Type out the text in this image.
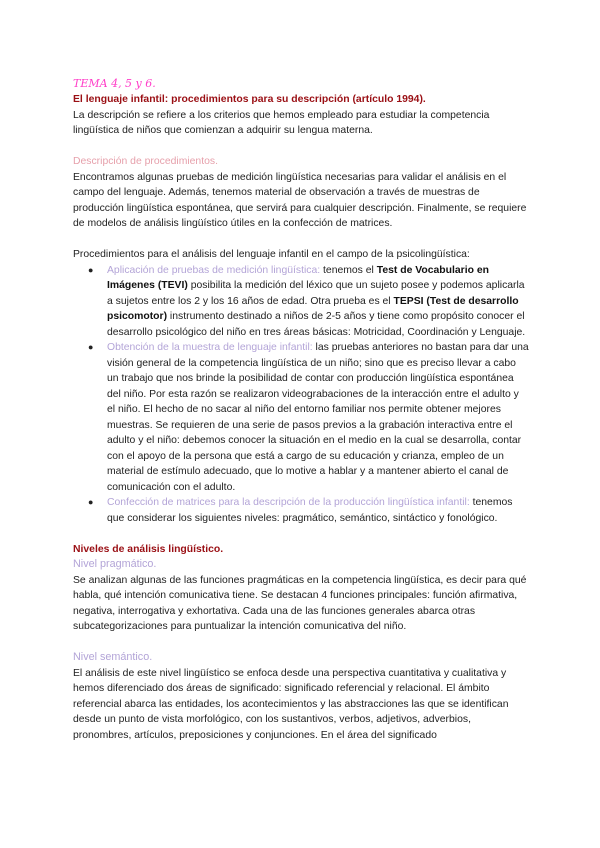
TEMA 4, 5 y 6.

El lenguaje infantil: procedimientos para su descripción (artículo 1994).

La descripción se refiere a los criterios que hemos empleado para estudiar la competencia lingüística de niños que comienzan a adquirir su lengua materna.

Descripción de procedimientos.

Encontramos algunas pruebas de medición lingüística necesarias para validar el análisis en el campo del lenguaje. Además, tenemos material de observación a través de muestras de producción lingüística espontánea, que servirá para cualquier descripción. Finalmente, se requiere de modelos de análisis lingüístico útiles en la confección de matrices.

Procedimientos para el análisis del lenguaje infantil en el campo de la psicolingüística:

● Aplicación de pruebas de medición lingüística: tenemos el Test de Vocabulario en Imágenes (TEVI) posibilita la medición del léxico que un sujeto posee y podemos aplicarla a sujetos entre los 2 y los 16 años de edad. Otra prueba es el TEPSI (Test de desarrollo psicomotor) instrumento destinado a niños de 2-5 años y tiene como propósito conocer el desarrollo psicológico del niño en tres áreas básicas: Motricidad, Coordinación y Lenguaje.
● Obtención de la muestra de lenguaje infantil: las pruebas anteriores no bastan para dar una visión general de la competencia lingüística de un niño; sino que es preciso llevar a cabo un trabajo que nos brinde la posibilidad de contar con producción lingüística espontánea del niño. Por esta razón se realizaron videograbaciones de la interacción entre el adulto y el niño. El hecho de no sacar al niño del entorno familiar nos permite obtener mejores muestras. Se requieren de una serie de pasos previos a la grabación interactiva entre el adulto y el niño: debemos conocer la situación en el medio en la cual se desarrolla, contar con el apoyo de la persona que está a cargo de su educación y crianza, empleo de un material de estímulo adecuado, que lo motive a hablar y a mantener abierto el canal de comunicación con el adulto.
● Confección de matrices para la descripción de la producción lingüística infantil: tenemos que considerar los siguientes niveles: pragmático, semántico, sintáctico y fonológico.

Niveles de análisis lingüístico.

Nivel pragmático.

Se analizan algunas de las funciones pragmáticas en la competencia lingüística, es decir para qué habla, qué intención comunicativa tiene. Se destacan 4 funciones principales: función afirmativa, negativa, interrogativa y exhortativa. Cada una de las funciones generales abarca otras subcategorizaciones para puntualizar la intención comunicativa del niño.

Nivel semántico.

El análisis de este nivel lingüístico se enfoca desde una perspectiva cuantitativa y cualitativa y hemos diferenciado dos áreas de significado: significado referencial y relacional. El ámbito referencial abarca las entidades, los acontecimientos y las abstracciones las que se identifican desde un punto de vista morfológico, con los sustantivos, verbos, adjetivos, adverbios, pronombres, artículos, preposiciones y conjunciones. En el área del significado
